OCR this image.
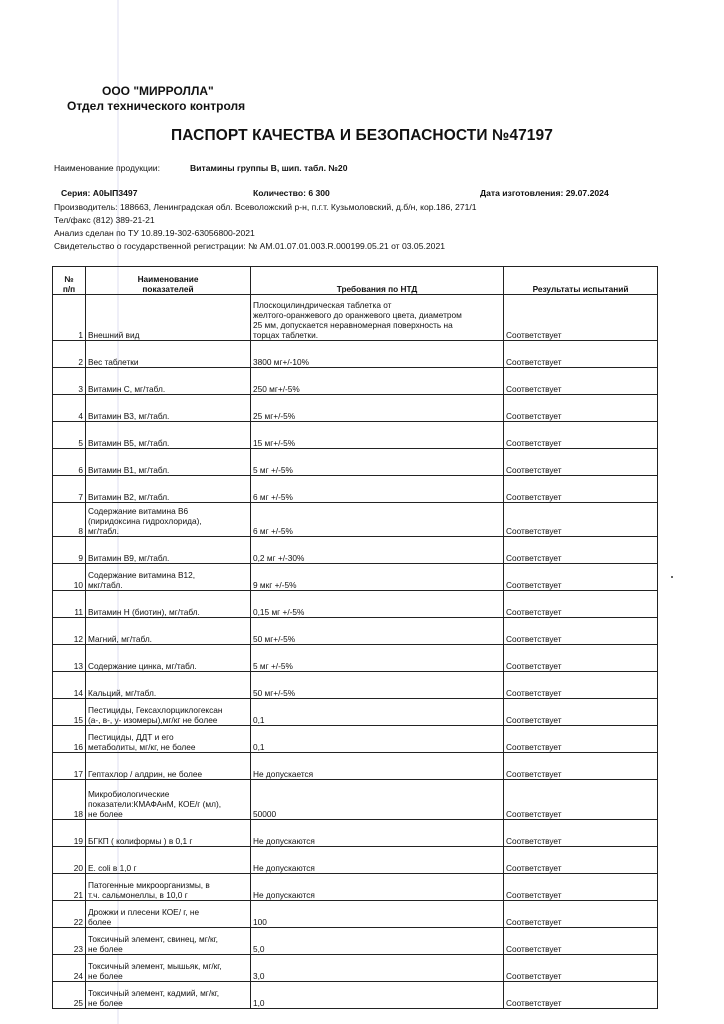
ООО "МИРРОЛЛА"
Отдел технического контроля
ПАСПОРТ КАЧЕСТВА И БЕЗОПАСНОСТИ №47197
Наименование продукции:	Витамины группы В, шип. табл. №20
Серия: А0ЫП3497	Количество: 6 300	Дата изготовления: 29.07.2024
Производитель: 188663, Ленинградская обл. Всеволожский р-н, п.г.т. Кузьмоловский, д.б/н, кор.186, 271/1
Тел/факс (812) 389-21-21
Анализ сделан по ТУ 10.89.19-302-63056800-2021
Свидетельство о государственной регистрации: № AM.01.07.01.003.R.000199.05.21 от 03.05.2021
№
п/п	Наименование
показателей	Требования по НТД	Результаты испытаний
1	Внешний вид	Плоскоцилиндрическая таблетка от
желтого-оранжевого до оранжевого цвета, диаметром
25 мм, допускается неравномерная поверхность на
торцах таблетки.	Соответствует
2	Вес таблетки	3800 мг+/-10%	Соответствует
3	Витамин С, мг/табл.	250 мг+/-5%	Соответствует
4	Витамин В3, мг/табл.	25 мг+/-5%	Соответствует
5	Витамин В5, мг/табл.	15 мг+/-5%	Соответствует
6	Витамин В1, мг/табл.	5 мг +/-5%	Соответствует
7	Витамин В2, мг/табл.	6 мг +/-5%	Соответствует
8	Содержание витамина В6
(пиридоксина гидрохлорида),
мг/табл.	6 мг +/-5%	Соответствует
9	Витамин В9, мг/табл.	0,2 мг +/-30%	Соответствует
10	Содержание витамина В12,
мкг/табл.	9 мкг +/-5%	Соответствует
11	Витамин Н (биотин), мг/табл.	0,15 мг +/-5%	Соответствует
12	Магний, мг/табл.	50 мг+/-5%	Соответствует
13	Содержание цинка, мг/табл.	5 мг +/-5%	Соответствует
14	Кальций, мг/табл.	50 мг+/-5%	Соответствует
15	Пестициды, Гексахлорциклогексан
(а-, в-, у- изомеры),мг/кг не более	0,1	Соответствует
16	Пестициды, ДДТ и его
метаболиты, мг/кг, не более	0,1	Соответствует
17	Гептахлор / алдрин, не более	Не допускается	Соответствует
18	Микробиологические
показатели:КМАФАнМ, КОЕ/г (мл),
не более	50000	Соответствует
19	БГКП ( колиформы ) в 0,1 г	Не допускаются	Соответствует
20	E. coli в 1,0 г	Не допускаются	Соответствует
21	Патогенные микроорганизмы, в
т.ч. сальмонеллы, в 10,0 г	Не допускаются	Соответствует
22	Дрожжи и плесени КОЕ/ г, не
более	100	Соответствует
23	Токсичный элемент, свинец, мг/кг,
не более	5,0	Соответствует
24	Токсичный элемент, мышьяк, мг/кг,
не более	3,0	Соответствует
25	Токсичный элемент, кадмий, мг/кг,
не более	1,0	Соответствует
